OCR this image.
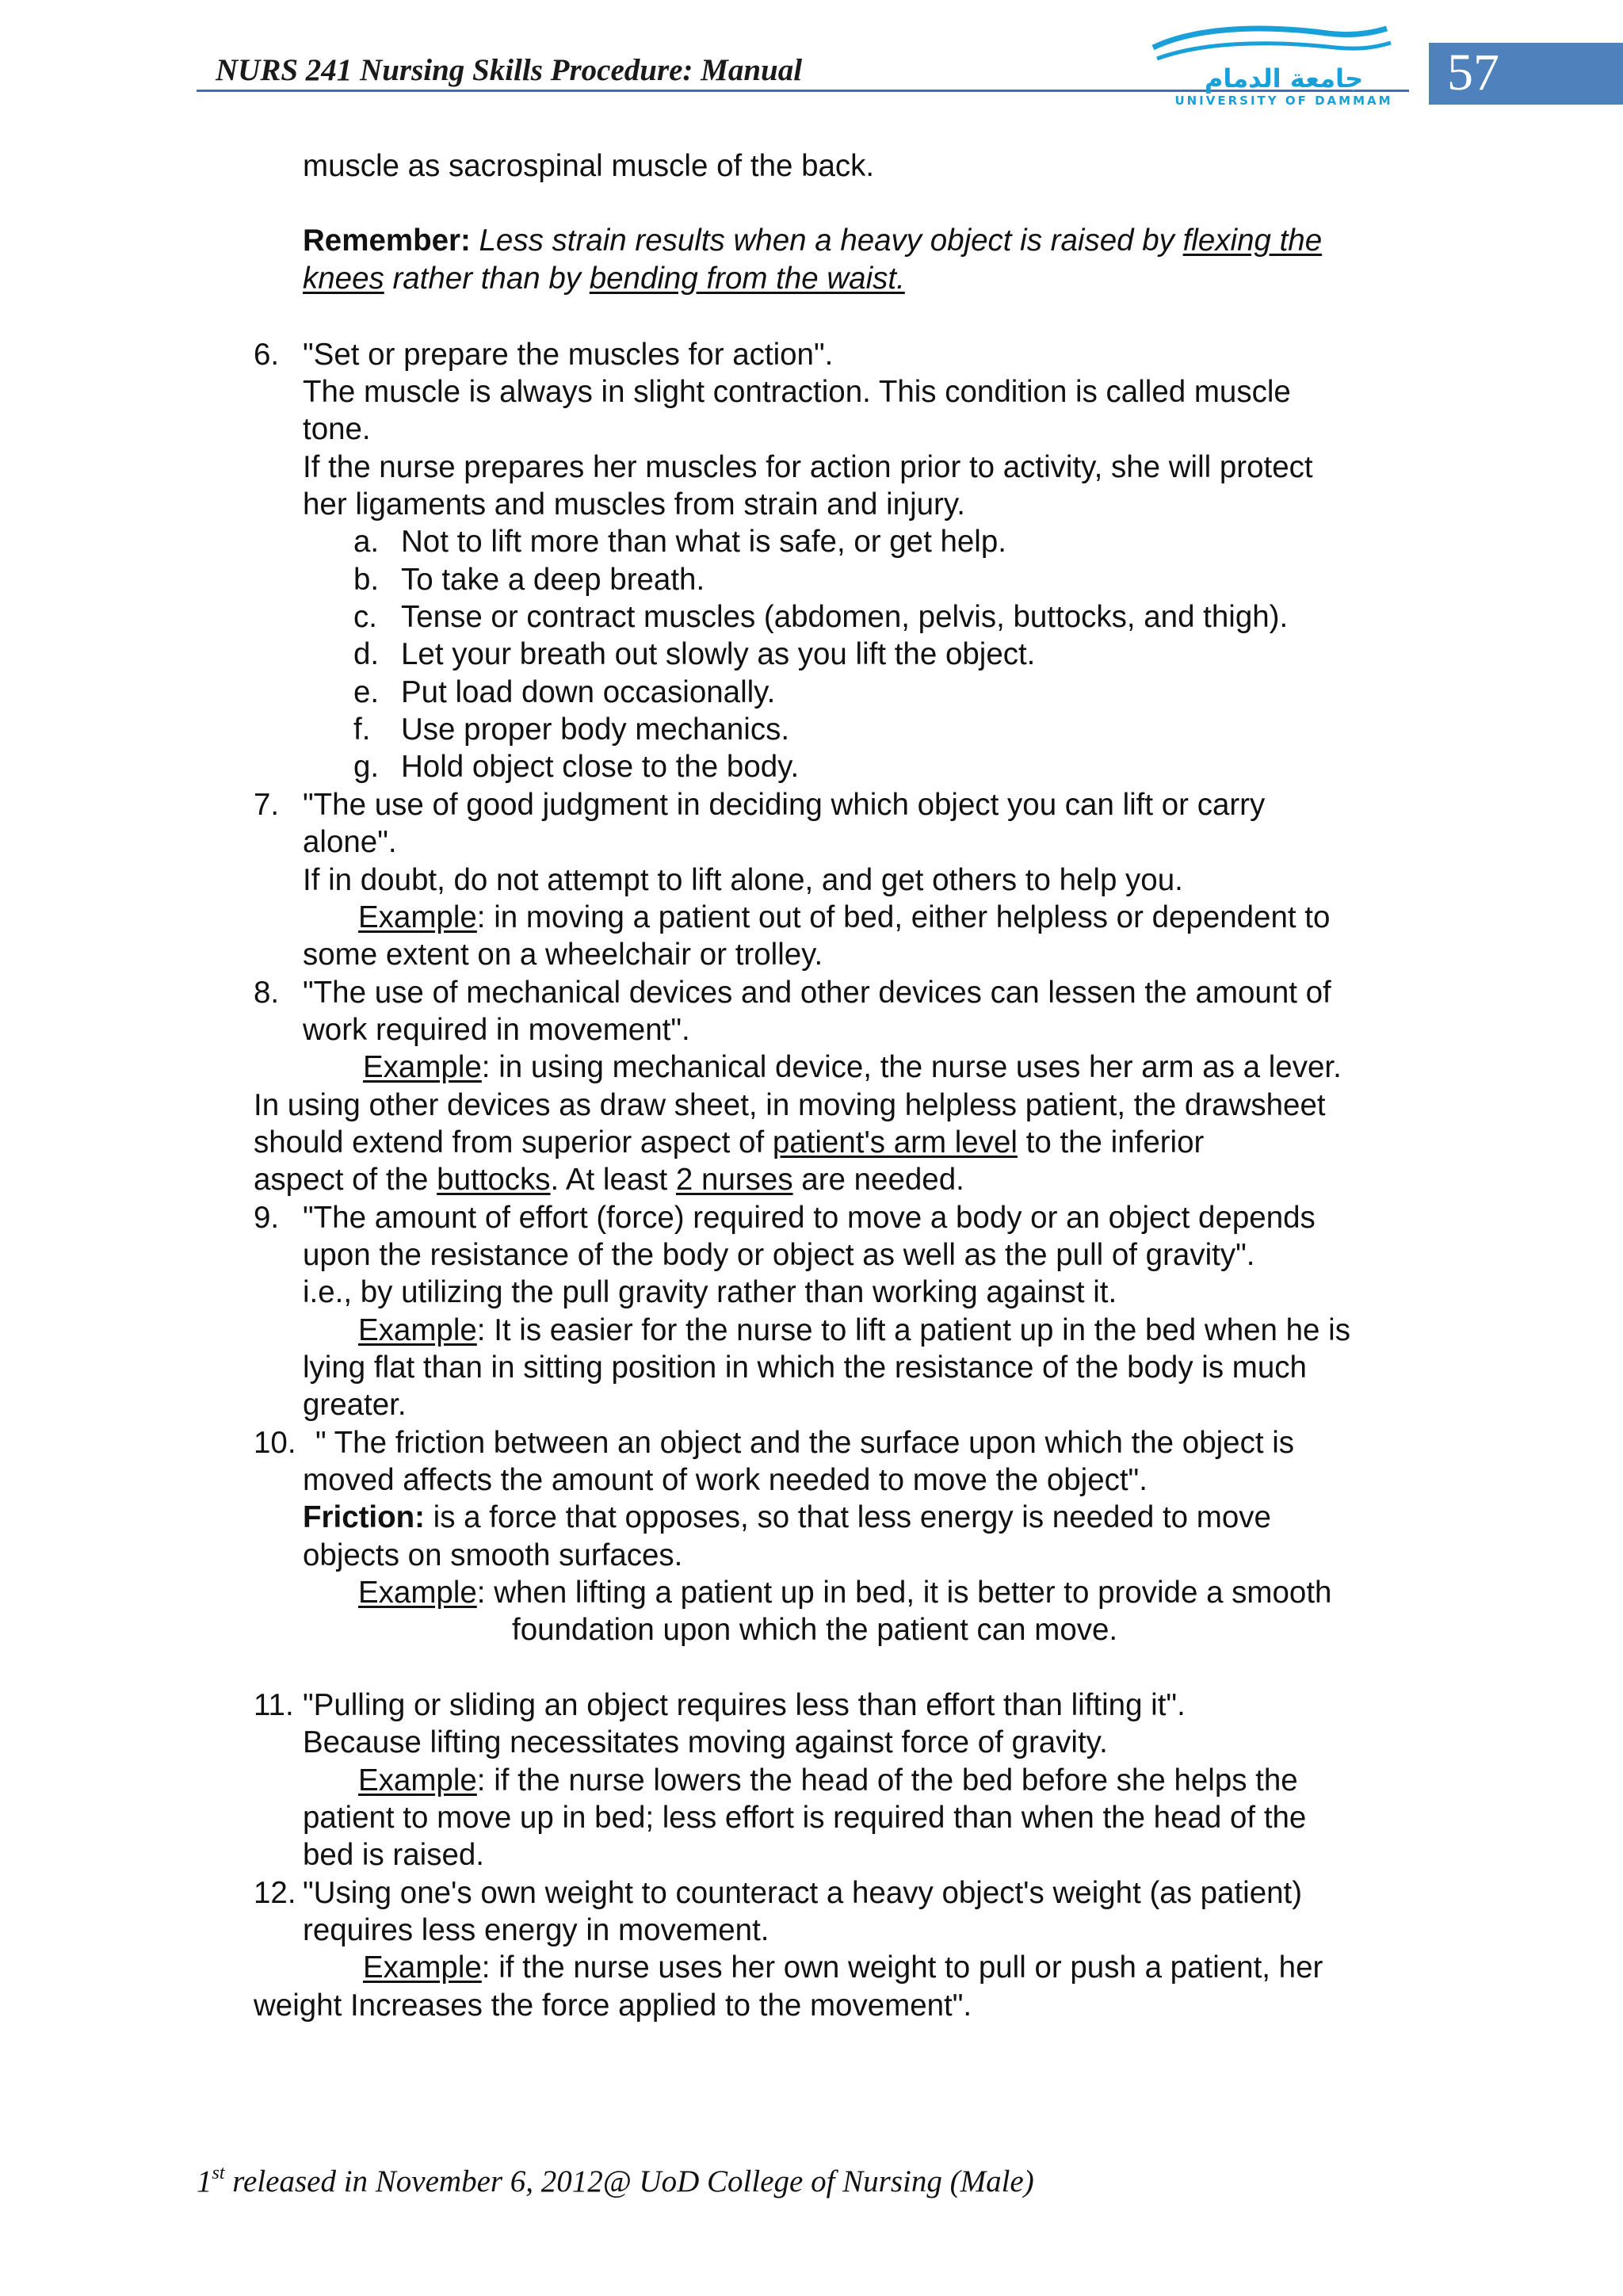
NURS 241 Nursing Skills Procedure: Manual	جامعة الدمام
UNIVERSITY OF DAMMAM 57
muscle as sacrospinal muscle of the back.
Remember: Less strain results when a heavy object is raised by flexing the
knees rather than by bending from the waist.
6. "Set or prepare the muscles for action".
The muscle is always in slight contraction. This condition is called muscle
tone.
If the nurse prepares her muscles for action prior to activity, she will protect
her ligaments and muscles from strain and injury.
a. Not to lift more than what is safe, or get help.
b. To take a deep breath.
c. Tense or contract muscles (abdomen, pelvis, buttocks, and thigh).
d. Let your breath out slowly as you lift the object.
e. Put load down occasionally.
f. Use proper body mechanics.
g. Hold object close to the body.
7. "The use of good judgment in deciding which object you can lift or carry
alone".
If in doubt, do not attempt to lift alone, and get others to help you.
Example: in moving a patient out of bed, either helpless or dependent to
some extent on a wheelchair or trolley.
8. "The use of mechanical devices and other devices can lessen the amount of
work required in movement".
Example: in using mechanical device, the nurse uses her arm as a lever.
In using other devices as draw sheet, in moving helpless patient, the drawsheet
should extend from superior aspect of patient's arm level to the inferior
aspect of the buttocks. At least 2 nurses are needed.
9. "The amount of effort (force) required to move a body or an object depends
upon the resistance of the body or object as well as the pull of gravity".
i.e., by utilizing the pull gravity rather than working against it.
Example: It is easier for the nurse to lift a patient up in the bed when he is
lying flat than in sitting position in which the resistance of the body is much
greater.
10. " The friction between an object and the surface upon which the object is
moved affects the amount of work needed to move the object".
Friction: is a force that opposes, so that less energy is needed to move
objects on smooth surfaces.
Example: when lifting a patient up in bed, it is better to provide a smooth
foundation upon which the patient can move.
11. "Pulling or sliding an object requires less than effort than lifting it".
Because lifting necessitates moving against force of gravity.
Example: if the nurse lowers the head of the bed before she helps the
patient to move up in bed; less effort is required than when the head of the
bed is raised.
12. "Using one's own weight to counteract a heavy object's weight (as patient)
requires less energy in movement.
Example: if the nurse uses her own weight to pull or push a patient, her
weight Increases the force applied to the movement".
1st released in November 6, 2012@ UoD College of Nursing (Male)
